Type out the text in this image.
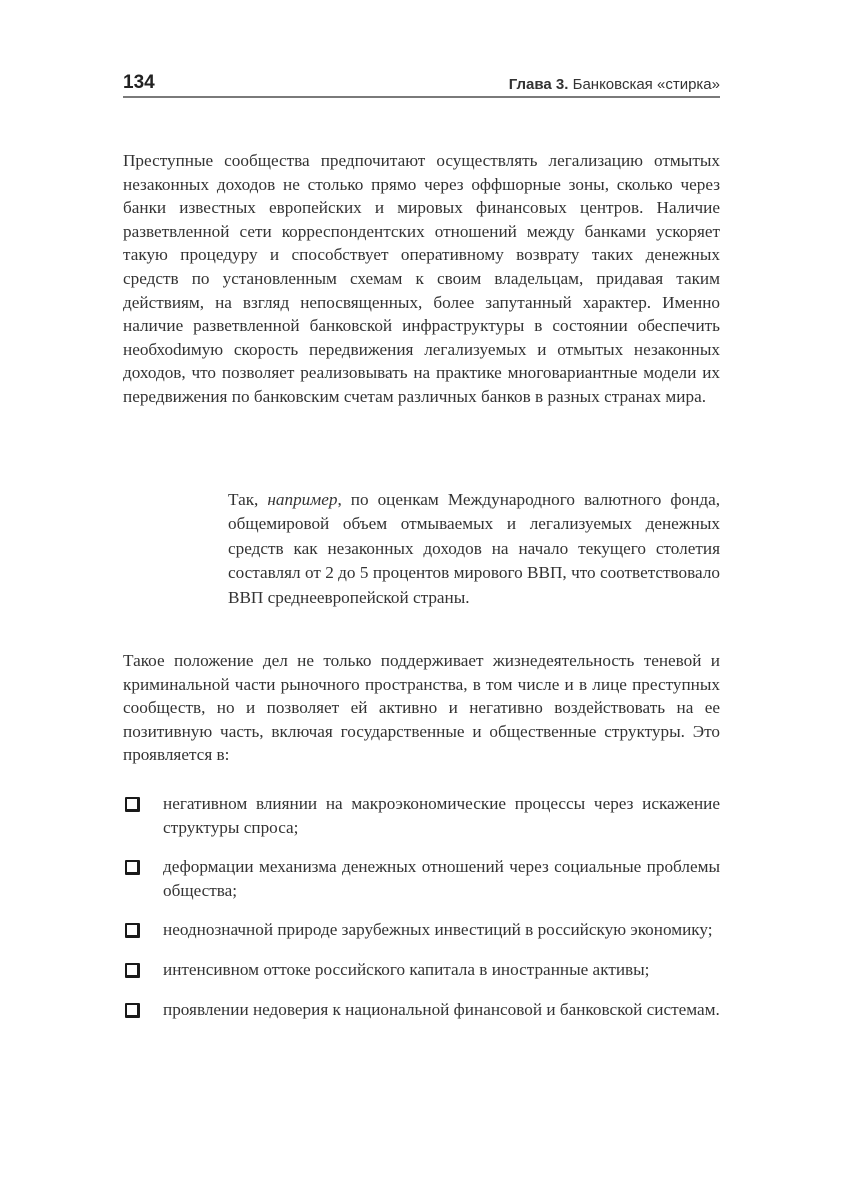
134	Глава 3. Банковская «стирка»

Преступные сообщества предпочитают осуществлять легализацию отмытых незаконных доходов не столько прямо через оффшорные зоны, сколько через банки известных европейских и мировых финансовых центров. Наличие разветвленной сети корреспондентских отношений между банками ускоряет такую процедуру и способствует оперативному возврату таких денежных средств по установленным схемам к своим владельцам, придавая таким действиям, на взгляд непосвященных, более запутанный характер. Именно наличие разветвленной банковской инфраструктуры в состоянии обеспечить необхоdимую скорость передвижения легализуемых и отмытых незаконных доходов, что позволяет реализовывать на практике многовариантные модели их передвижения по банковским счетам различных банков в разных странах мира.

Так, например, по оценкам Международного валютного фонда, общемировой объем отмываемых и легализуемых денежных средств как незаконных доходов на начало текущего столетия составлял от 2 до 5 процентов мирового ВВП, что соответствовало ВВП среднеевропейской страны.

Такое положение дел не только поддерживает жизнедеятельность теневой и криминальной части рыночного пространства, в том числе и в лице преступных сообществ, но и позволяет ей активно и негативно воздействовать на ее позитивную часть, включая государственные и общественные структуры. Это проявляется в:

негативном влиянии на макроэкономические процессы через искажение структуры спроса;
деформации механизма денежных отношений через социальные проблемы общества;
неоднозначной природе зарубежных инвестиций в российскую экономику;
интенсивном оттоке российского капитала в иностранные активы;
проявлении недоверия к национальной финансовой и банковской системам.
